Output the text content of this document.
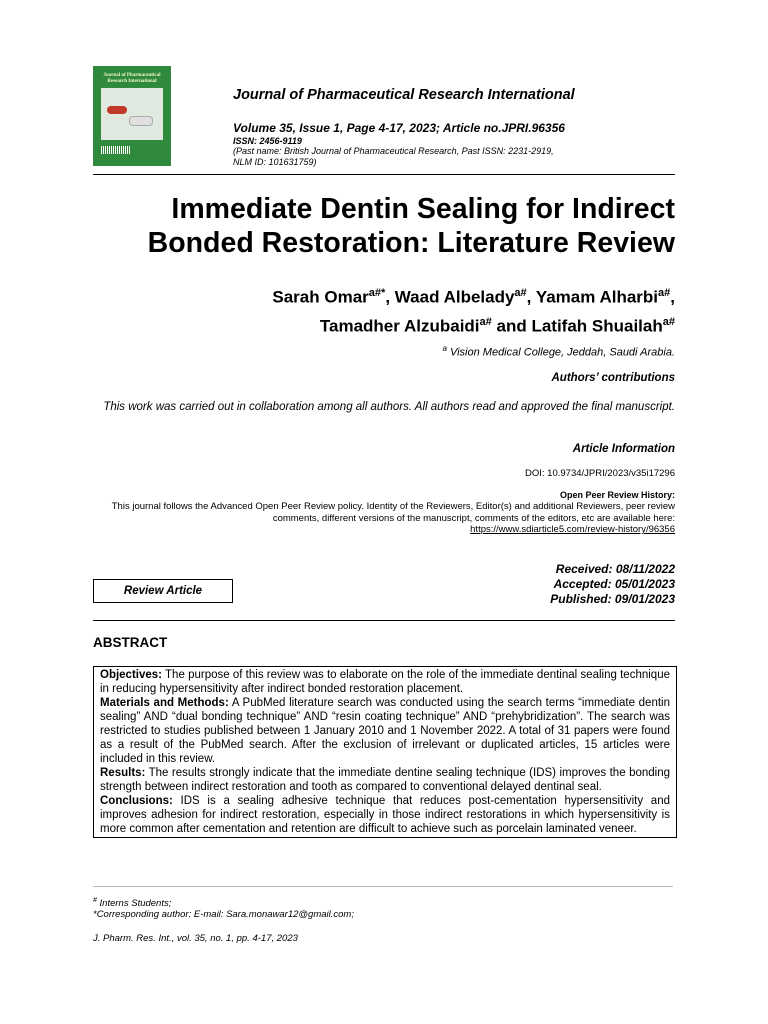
Journal of Pharmaceutical
Research International
Journal of Pharmaceutical Research International
Volume 35, Issue 1, Page 4-17, 2023; Article no.JPRI.96356
ISSN: 2456-9119
(Past name: British Journal of Pharmaceutical Research, Past ISSN: 2231-2919,
NLM ID: 101631759)
Immediate Dentin Sealing for Indirect
Bonded Restoration: Literature Review
Sarah Omar$^{a\#*}$, Waad Albelady$^{a\#}$, Yamam Alharbi$^{a\#}$,
Tamadher Alzubaidi$^{a\#}$ and Latifah Shuailah$^{a\#}$
$^a$ Vision Medical College, Jeddah, Saudi Arabia.
Authors’ contributions
This work was carried out in collaboration among all authors. All authors read and approved the final manuscript.
Article Information
DOI: 10.9734/JPRI/2023/v35i17296
Open Peer Review History:
This journal follows the Advanced Open Peer Review policy. Identity of the Reviewers, Editor(s) and additional Reviewers, peer review comments, different versions of the manuscript, comments of the editors, etc are available here:
https://www.sdiarticle5.com/review-history/96356
Review Article
Received: 08/11/2022
Accepted: 05/01/2023
Published: 09/01/2023
ABSTRACT

Objectives: The purpose of this review was to elaborate on the role of the immediate dentinal sealing technique in reducing hypersensitivity after indirect bonded restoration placement.

Materials and Methods: A PubMed literature search was conducted using the search terms “immediate dentin sealing” AND “dual bonding technique” AND “resin coating technique” AND “prehybridization”. The search was restricted to studies published between 1 January 2010 and 1 November 2022. A total of 31 papers were found as a result of the PubMed search. After the exclusion of irrelevant or duplicated articles, 15 articles were included in this review.

Results: The results strongly indicate that the immediate dentine sealing technique (IDS) improves the bonding strength between indirect restoration and tooth as compared to conventional delayed dentinal seal.

Conclusions: IDS is a sealing adhesive technique that reduces post-cementation hypersensitivity and improves adhesion for indirect restoration, especially in those indirect restorations in which hypersensitivity is more common after cementation and retention are difficult to achieve such as porcelain laminated veneer.

# Interns Students;
*Corresponding author: E-mail: Sara.monawar12@gmail.com;
J. Pharm. Res. Int., vol. 35, no. 1, pp. 4-17, 2023
